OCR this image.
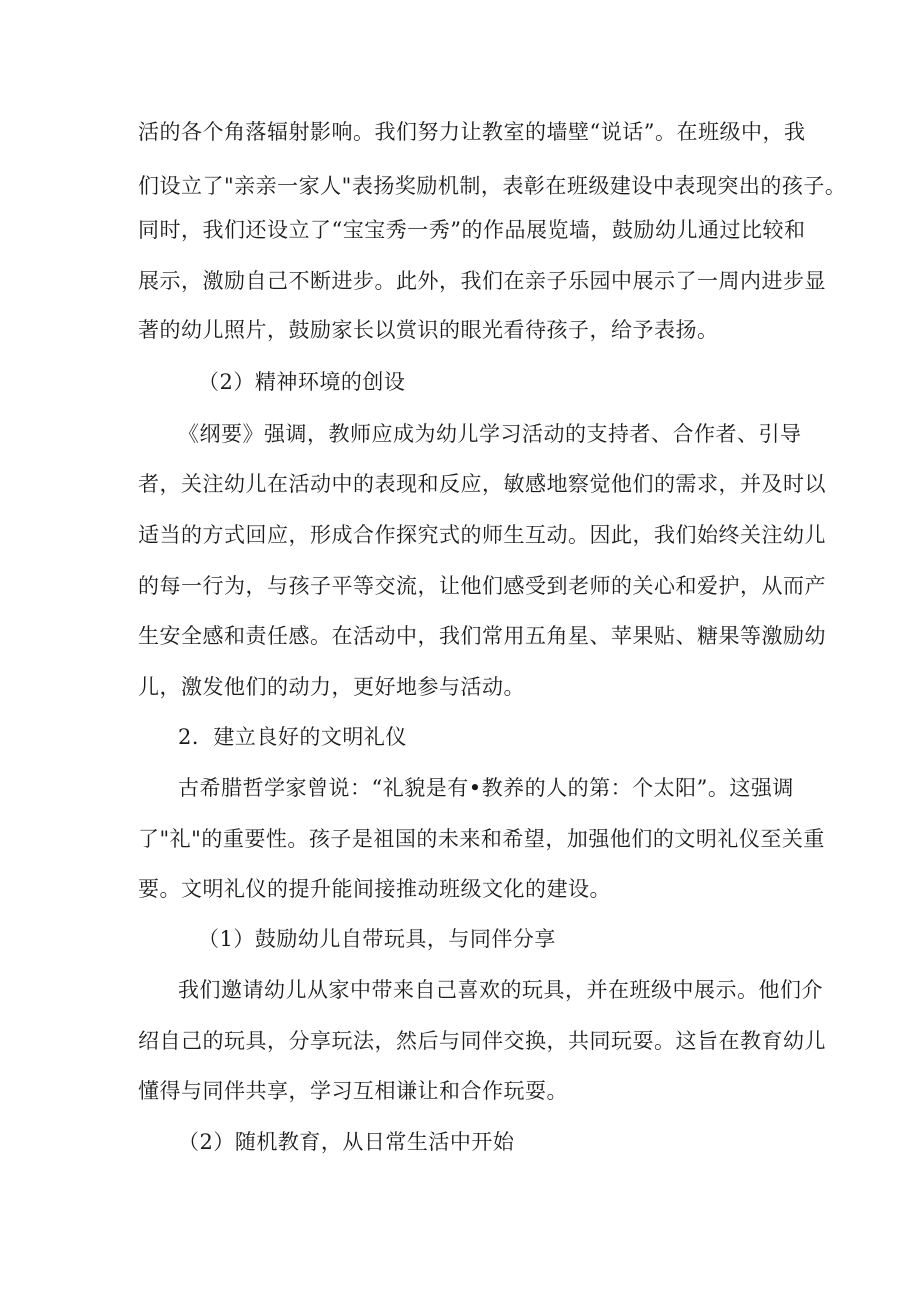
活的各个角落辐射影响。我们努力让教室的墙壁“说话”。在班级中，我
们设立了"亲亲一家人"表扬奖励机制，表彰在班级建设中表现突出的孩子。
同时，我们还设立了“宝宝秀一秀”的作品展览墙，鼓励幼儿通过比较和
展示，激励自己不断进步。此外，我们在亲子乐园中展示了一周内进步显
著的幼儿照片，鼓励家长以赏识的眼光看待孩子，给予表扬。
（2）精神环境的创设
《纲要》强调，教师应成为幼儿学习活动的支持者、合作者、引导
者，关注幼儿在活动中的表现和反应，敏感地察觉他们的需求，并及时以
适当的方式回应，形成合作探究式的师生互动。因此，我们始终关注幼儿
的每一行为，与孩子平等交流，让他们感受到老师的关心和爱护，从而产
生安全感和责任感。在活动中，我们常用五角星、苹果贴、糖果等激励幼
儿，激发他们的动力，更好地参与活动。
2．建立良好的文明礼仪
古希腊哲学家曾说：“礼貌是有•教养的人的第：个太阳”。这强调
了"礼"的重要性。孩子是祖国的未来和希望，加强他们的文明礼仪至关重
要。文明礼仪的提升能间接推动班级文化的建设。
（1）鼓励幼儿自带玩具，与同伴分享
我们邀请幼儿从家中带来自己喜欢的玩具，并在班级中展示。他们介
绍自己的玩具，分享玩法，然后与同伴交换，共同玩耍。这旨在教育幼儿
懂得与同伴共享，学习互相谦让和合作玩耍。
（2）随机教育，从日常生活中开始
